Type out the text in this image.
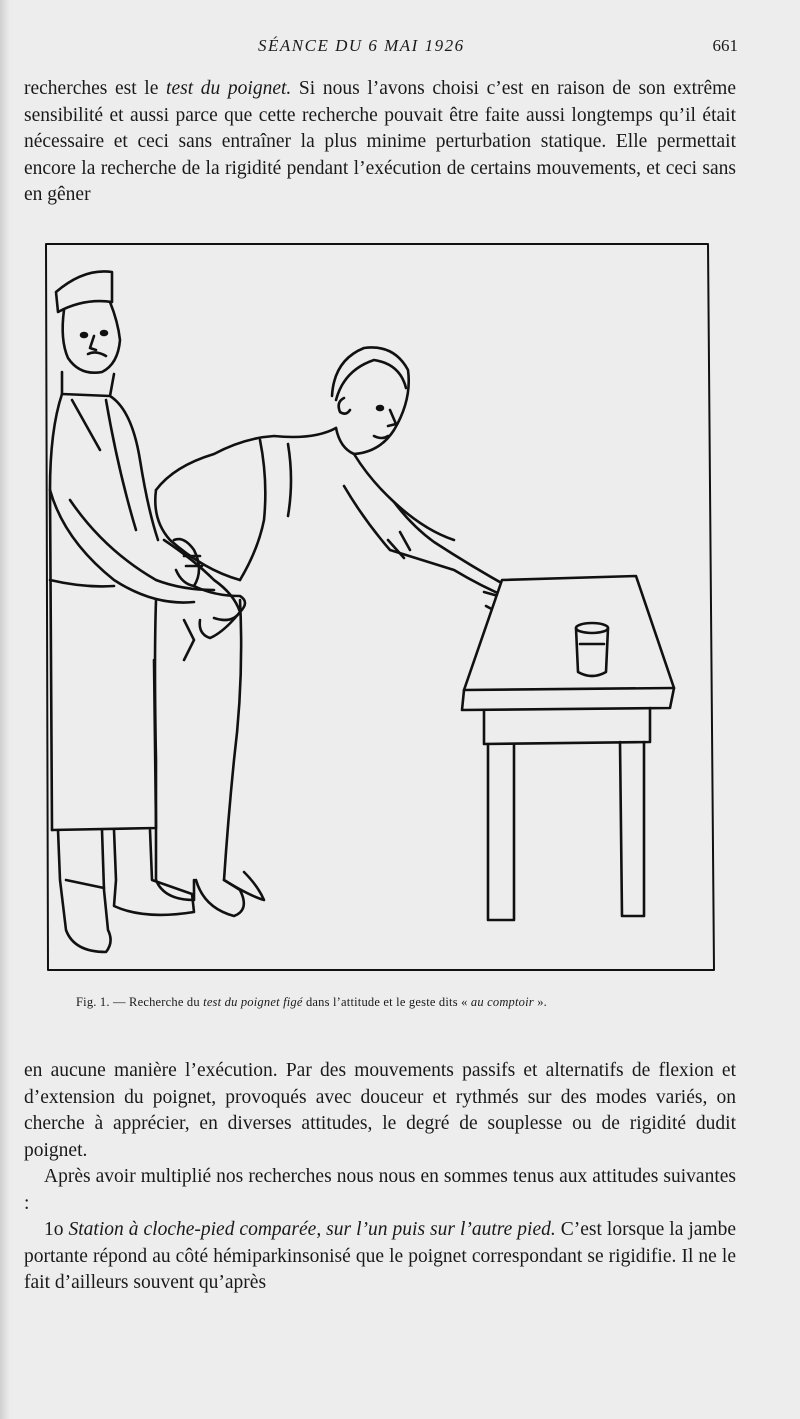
SÉANCE DU 6 MAI 1926	661

recherches est le test du poignet. Si nous l’avons choisi c’est en raison de son extrême sensibilité et aussi parce que cette recherche pouvait être faite aussi longtemps qu’il était nécessaire et ceci sans entraîner la plus minime perturbation statique. Elle permettait encore la recherche de la rigidité pendant l’exécution de certains mouvements, et ceci sans en gêner

Fig. 1. — Recherche du test du poignet figé dans l’attitude et le geste dits « au comptoir ».

en aucune manière l’exécution. Par des mouvements passifs et alternatifs de flexion et d’extension du poignet, provoqués avec douceur et rythmés sur des modes variés, on cherche à apprécier, en diverses attitudes, le degré de souplesse ou de rigidité dudit poignet.

Après avoir multiplié nos recherches nous nous en sommes tenus aux attitudes suivantes :

1o Station à cloche-pied comparée, sur l’un puis sur l’autre pied. C’est lorsque la jambe portante répond au côté hémiparkinsonisé que le poignet correspondant se rigidifie. Il ne le fait d’ailleurs souvent qu’après
